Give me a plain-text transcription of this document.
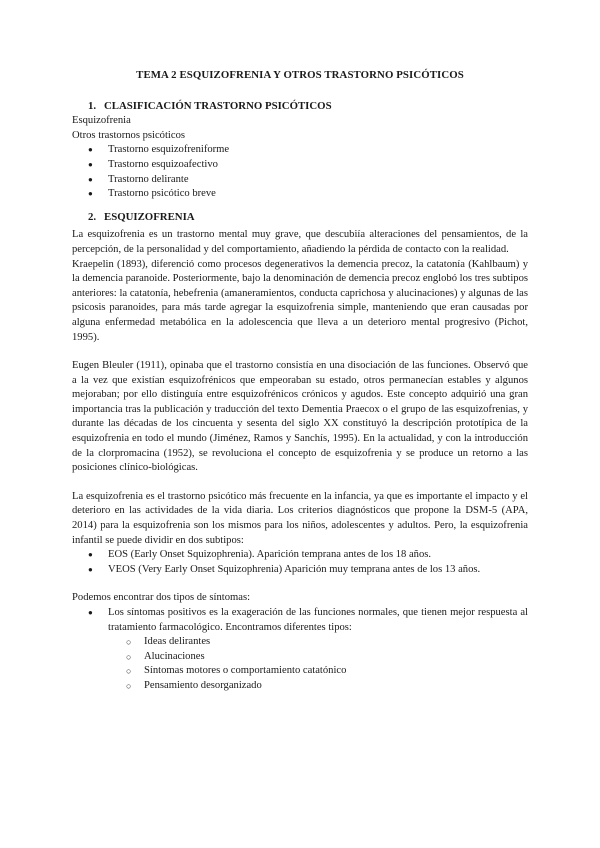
TEMA 2 ESQUIZOFRENIA Y OTROS TRASTORNO PSICÓTICOS
1. CLASIFICACIÓN TRASTORNO PSICÓTICOS
Esquizofrenia
Otros trastornos psicóticos
● Trastorno esquizofreniforme
● Trastorno esquizoafectivo
● Trastorno delirante
● Trastorno psicótico breve
2. ESQUIZOFRENIA

La esquizofrenia es un trastorno mental muy grave, que descubiía alteraciones del pensamientos, de la percepción, de la personalidad y del comportamiento, añadiendo la pérdida de contacto con la realidad.

Kraepelin (1893), diferenció como procesos degenerativos la demencia precoz, la catatonía (Kahlbaum) y la demencia paranoide. Posteriormente, bajo la denominación de demencia precoz englobó los tres subtipos anteriores: la catatonía, hebefrenia (amaneramientos, conducta caprichosa y alucinaciones) y algunas de las psicosis paranoides, para más tarde agregar la esquizofrenia simple, manteniendo que eran causadas por alguna enfermedad metabólica en la adolescencia que lleva a un deterioro mental progresivo (Pichot, 1995).

Eugen Bleuler (1911), opinaba que el trastorno consistía en una disociación de las funciones. Observó que a la vez que existían esquizofrénicos que empeoraban su estado, otros permanecían estables y algunos mejoraban; por ello distinguía entre esquizofrénicos crónicos y agudos. Este concepto adquirió una gran importancia tras la publicación y traducción del texto Dementia Praecox o el grupo de las esquizofrenias, y durante las décadas de los cincuenta y sesenta del siglo XX constituyó la descripción prototípica de la esquizofrenia en todo el mundo (Jiménez, Ramos y Sanchís, 1995). En la actualidad, y con la introducción de la clorpromacina (1952), se revoluciona el concepto de esquizofrenia y se produce un retorno a las posiciones clínico-biológicas.

La esquizofrenia es el trastorno psicótico más frecuente en la infancia, ya que es importante el impacto y el deterioro en las actividades de la vida diaria. Los criterios diagnósticos que propone la DSM-5 (APA, 2014) para la esquizofrenia son los mismos para los niños, adolescentes y adultos. Pero, la esquizofrenia infantil se puede dividir en dos subtipos:

● EOS (Early Onset Squizophrenia). Aparición temprana antes de los 18 años.
● VEOS (Very Early Onset Squizophrenia) Aparición muy temprana antes de los 13 años.

Podemos encontrar dos tipos de síntomas:

● Los síntomas positivos es la exageración de las funciones normales, que tienen mejor respuesta al tratamiento farmacológico. Encontramos diferentes tipos:
○ Ideas delirantes
○ Alucinaciones
○ Síntomas motores o comportamiento catatónico
○ Pensamiento desorganizado
